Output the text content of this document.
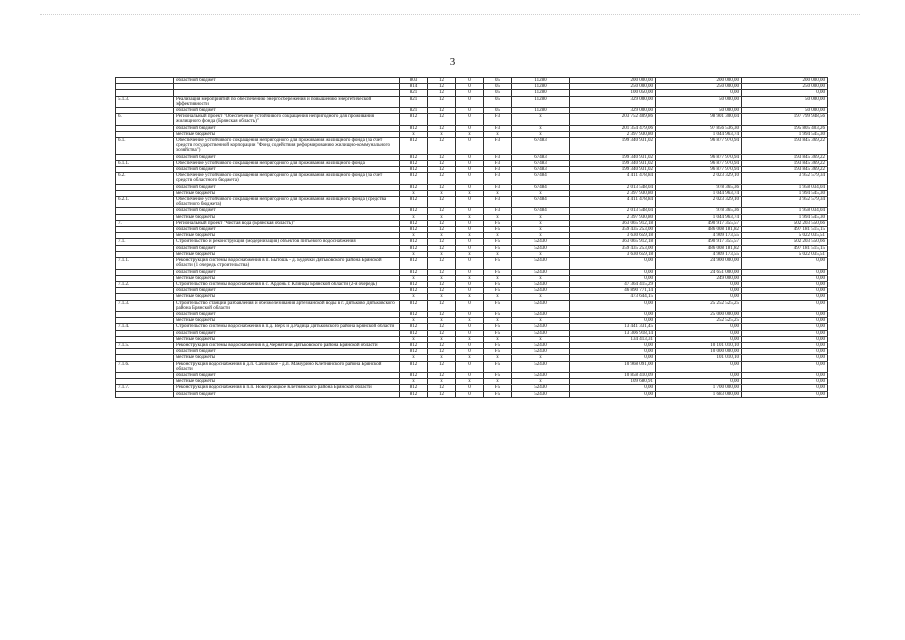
3
	областной бюджет	803	12	0	05	11280	200 000,00	200 000,00	200 000,00
		814	12	0	05	11280	250 000,00	250 000,00	250 000,00
		821	12	0	05	11280	100 050,00	0,00	0,00
5.1.3.	Реализация мероприятий по обеспечению энергосбережения и повышению энергетической эффективности	821	12	0	05	11280	329 000,00	50 000,00	50 000,00
	областной бюджет	821	12	0	05	11280	329 000,00	50 000,00	50 000,00
6.	Региональный проект "Обеспечение устойчивого сокращения непригодного для проживания жилищного фонда (Брянская область)"	812	12	0	F3	x	203 752 409,86	98 901 300,04	197 799 948,56
	областной бюджет	812	12	0	F3	x	201 354 479,06	97 856 536,30	195 805 403,26
	местные бюджеты	x	x	x	x	x	2 397 930,80	1 044 963,74	1 994 545,30
6.1.	Обеспечение устойчивого сокращения непригодного для проживания жилищного фонда (за счет средств государственной корпорации "Фонд содействия реформированию жилищно-коммунального хозяйства")	812	12	0	F3	67483	199 340 931,02	96 877 970,94	193 845 369,22
	областной бюджет	812	12	0	F3	67483	199 340 931,02	96 877 970,94	193 845 369,22
6.1.1.	Обеспечение устойчивого сокращения непригодного для проживания жилищного фонда	812	12	0	F3	67483	199 340 931,02	96 877 970,94	193 845 369,22
	областной бюджет	812	12	0	F3	67483	199 340 931,02	96 877 970,94	193 845 369,22
6.2.	Обеспечение устойчивого сокращения непригодного для проживания жилищного фонда (за счет средств областного бюджета)	812	12	0	F3	67484	4 411 478,84	2 023 329,10	3 952 579,34
	областной бюджет	812	12	0	F3	67484	2 013 548,04	978 365,36	1 958 034,04
	местные бюджеты	x	x	x	x	x	2 397 930,80	1 044 963,74	1 994 545,30
6.2.1.	Обеспечение устойчивого сокращения непригодного для проживания жилищного фонда (средства областного бюджета)	812	12	0	F3	67484	4 411 478,84	2 023 329,10	3 952 579,34
	областной бюджет	812	12	0	F3	67484	2 013 548,04	978 365,36	1 958 034,04
	местные бюджеты	x	x	x	x	x	2 397 930,80	1 044 963,74	1 994 545,30
7.	Региональный проект "Чистая вода (Брянская область)"	812	12	0	F5	x	363 065 912,18	490 917 355,57	502 203 550,66
	областной бюджет	812	12	0	F5	x	359 435 253,00	486 008 181,82	497 181 515,15
	местные бюджеты	x	x	x	x	x	3 630 659,18	4 909 173,55	5 022 035,51
7.1.	Строительство и реконструкция (модернизация) объектов питьевого водоснабжения	812	12	0	F5	52430	363 065 912,18	490 917 355,57	502 203 550,66
	областной бюджет	812	12	0	F5	52430	359 435 253,00	486 008 181,82	497 181 515,15
	местные бюджеты	x	x	x	x	x	3 630 659,18	4 909 173,55	5 022 035,51
7.1.1.	Реконструкция системы водоснабжения в п. Бытошь - д. Будочки Дятьковского района Брянской области (1 очередь строительства)	812	12	0	F5	52430	0,00	24 900 000,00	0,00
	областной бюджет	812	12	0	F5	52430	0,00	24 651 000,00	0,00
	местные бюджеты	x	x	x	x	x	0,00	249 000,00	0,00
7.1.2.	Строительство системы водоснабжения в с. Ардонь г. Клинцы Брянской области (2-я очередь)	812	12	0	F5	52430	47 364 415,29	0,00	0,00
	областной бюджет	812	12	0	F5	52430	46 890 771,14	0,00	0,00
	местные бюджеты	x	x	x	x	x	473 644,15	0,00	0,00
7.1.3.	Строительство станции разбавления и обезжелезивания артезианской воды в г. Дятьково Дятьковского района Брянской области	812	12	0	F5	52430	0,00	25 252 525,25	0,00
	областной бюджет	812	12	0	F5	52430	0,00	25 000 000,00	0,00
	местные бюджеты	x	x	x	x	x	0,00	252 525,25	0,00
7.1.4.	Строительство системы водоснабжения в п.д. Верх и д.Радица Дятьковского района Брянской области	812	12	0	F5	52430	13 441 331,45	0,00	0,00
	областной бюджет	812	12	0	F5	52430	13 306 918,14	0,00	0,00
	местные бюджеты	x	x	x	x	x	134 413,31	0,00	0,00
7.1.5.	Реконструкция системы водоснабжения в д.Чернятичи Дятьковского района Брянской области	812	12	0	F5	52430	0,00	10 101 010,10	0,00
	областной бюджет	812	12	0	F5	52430	0,00	10 000 000,00	0,00
	местные бюджеты	x	x	x	x	x	0,00	101 010,10	0,00
7.1.6.	Реконструкция водоснабжения в д.п. Сачинское - д.п. Мамурино Клетнянского района Брянской области	812	12	0	F5	52430	10 968 091,00	0,00	0,00
	областной бюджет	812	12	0	F5	52430	10 858 410,09	0,00	0,00
	местные бюджеты	x	x	x	x	x	109 680,91	0,00	0,00
7.1.7.	Реконструкция водоснабжения в п.п. Новотроицкое Клетнянского района Брянской области	812	12	0	F5	52430	0,00	1 700 000,00	0,00
	областной бюджет	812	12	0	F5	52430	0,00	1 683 000,00	0,00
